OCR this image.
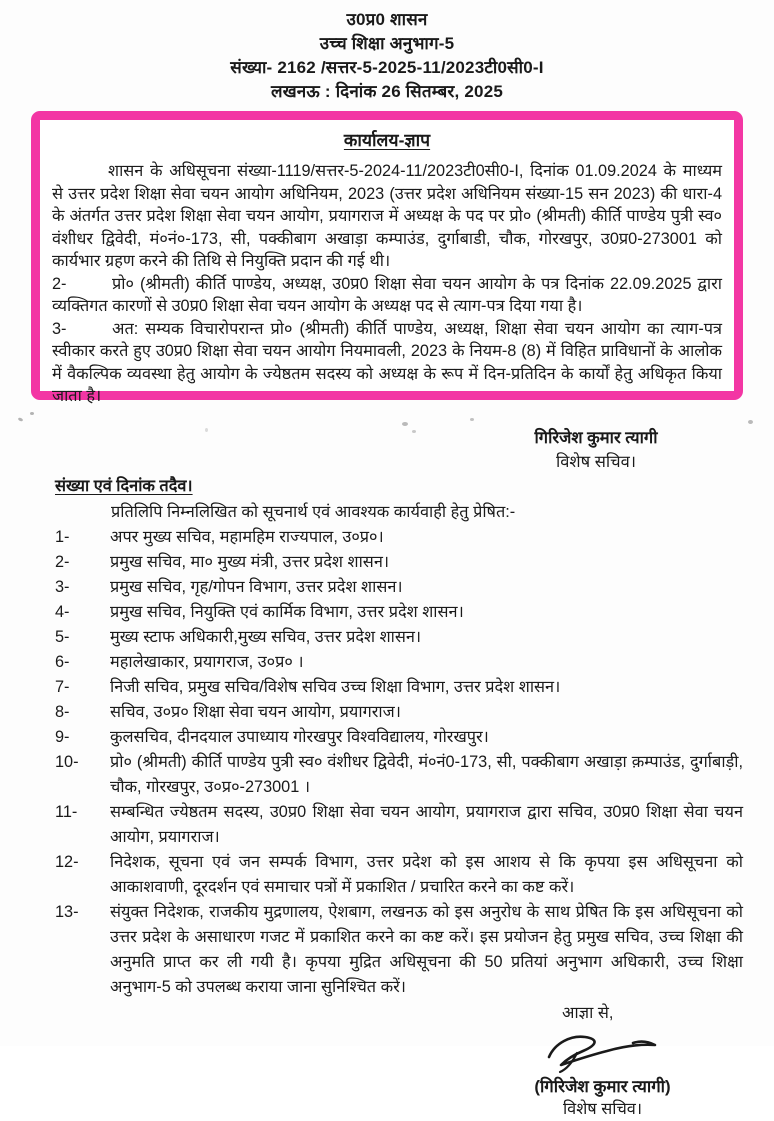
उ0प्र0 शासन
उच्च शिक्षा अनुभाग-5
संख्या- 2162 /सत्तर-5-2025-11/2023टी0सी0-I
लखनऊ : दिनांक 26 सितम्बर, 2025
कार्यालय-ज्ञाप

शासन के अधिसूचना संख्या-1119/सत्तर-5-2024-11/2023टी0सी0-I, दिनांक 01.09.2024 के माध्यम से उत्तर प्रदेश शिक्षा सेवा चयन आयोग अधिनियम, 2023 (उत्तर प्रदेश अधिनियम संख्या-15 सन 2023) की धारा-4 के अंतर्गत उत्तर प्रदेश शिक्षा सेवा चयन आयोग, प्रयागराज में अध्यक्ष के पद पर प्रो० (श्रीमती) कीर्ति पाण्डेय पुत्री स्व० वंशीधर द्विवेदी, मं०नं०-173, सी, पक्कीबाग अखाड़ा कम्पाउंड, दुर्गाबाडी, चौक, गोरखपुर, उ0प्र0-273001 को कार्यभार ग्रहण करने की तिथि से नियुक्ति प्रदान की गई थी।

2-	प्रो० (श्रीमती) कीर्ति पाण्डेय, अध्यक्ष, उ0प्र0 शिक्षा सेवा चयन आयोग के पत्र दिनांक 22.09.2025 द्वारा व्यक्तिगत कारणों से उ0प्र0 शिक्षा सेवा चयन आयोग के अध्यक्ष पद से त्याग-पत्र दिया गया है।

3-	अत: सम्यक विचारोपरान्त प्रो० (श्रीमती) कीर्ति पाण्डेय, अध्यक्ष, शिक्षा सेवा चयन आयोग का त्याग-पत्र स्वीकार करते हुए उ0प्र0 शिक्षा सेवा चयन आयोग नियमावली, 2023 के नियम-8 (8) में विहित प्राविधानों के आलोक में वैकल्पिक व्यवस्था हेतु आयोग के ज्येष्ठतम सदस्य को अध्यक्ष के रूप में दिन-प्रतिदिन के कार्यों हेतु अधिकृत किया जाता है।

गिरिजेश कुमार त्यागी
विशेष सचिव।
संख्या एवं दिनांक तदैव।

प्रतिलिपि निम्नलिखित को सूचनार्थ एवं आवश्यक कार्यवाही हेतु प्रेषित:-

1-	अपर मुख्य सचिव, महामहिम राज्यपाल, उ०प्र०।
2-	प्रमुख सचिव, मा० मुख्य मंत्री, उत्तर प्रदेश शासन।
3-	प्रमुख सचिव, गृह/गोपन विभाग, उत्तर प्रदेश शासन।
4-	प्रमुख सचिव, नियुक्ति एवं कार्मिक विभाग, उत्तर प्रदेश शासन।
5-	मुख्य स्टाफ अधिकारी,मुख्य सचिव, उत्तर प्रदेश शासन।
6-	महालेखाकार, प्रयागराज, उ०प्र० ।
7-	निजी सचिव, प्रमुख सचिव/विशेष सचिव उच्च शिक्षा विभाग, उत्तर प्रदेश शासन।
8-	सचिव, उ०प्र० शिक्षा सेवा चयन आयोग, प्रयागराज।
9-	कुलसचिव, दीनदयाल उपाध्याय गोरखपुर विश्वविद्यालय, गोरखपुर।
10-	प्रो० (श्रीमती) कीर्ति पाण्डेय पुत्री स्व० वंशीधर द्विवेदी, मं०नं0-173, सी, पक्कीबाग अखाड़ा क़म्पाउंड, दुर्गाबाड़ी, चौक, गोरखपुर, उ०प्र०-273001 ।
11-	सम्बन्धित ज्येष्ठतम सदस्य, उ0प्र0 शिक्षा सेवा चयन आयोग, प्रयागराज द्वारा सचिव, उ0प्र0 शिक्षा सेवा चयन आयोग, प्रयागराज।
12-	निदेशक, सूचना एवं जन सम्पर्क विभाग, उत्तर प्रदेश को इस आशय से कि कृपया इस अधिसूचना को आकाशवाणी, दूरदर्शन एवं समाचार पत्रों में प्रकाशित / प्रचारित करने का कष्ट करें।
13-	संयुक्त निदेशक, राजकीय मुद्रणालय, ऐशबाग, लखनऊ को इस अनुरोध के साथ प्रेषित कि इस अधिसूचना को उत्तर प्रदेश के असाधारण गजट में प्रकाशित करने का कष्ट करें। इस प्रयोजन हेतु प्रमुख सचिव, उच्च शिक्षा की अनुमति प्राप्त कर ली गयी है। कृपया मुद्रित अधिसूचना की 50 प्रतियां अनुभाग अधिकारी, उच्च शिक्षा अनुभाग-5 को उपलब्ध कराया जाना सुनिश्चित करें।
आज्ञा से,
(गिरिजेश कुमार त्यागी)
विशेष सचिव।
